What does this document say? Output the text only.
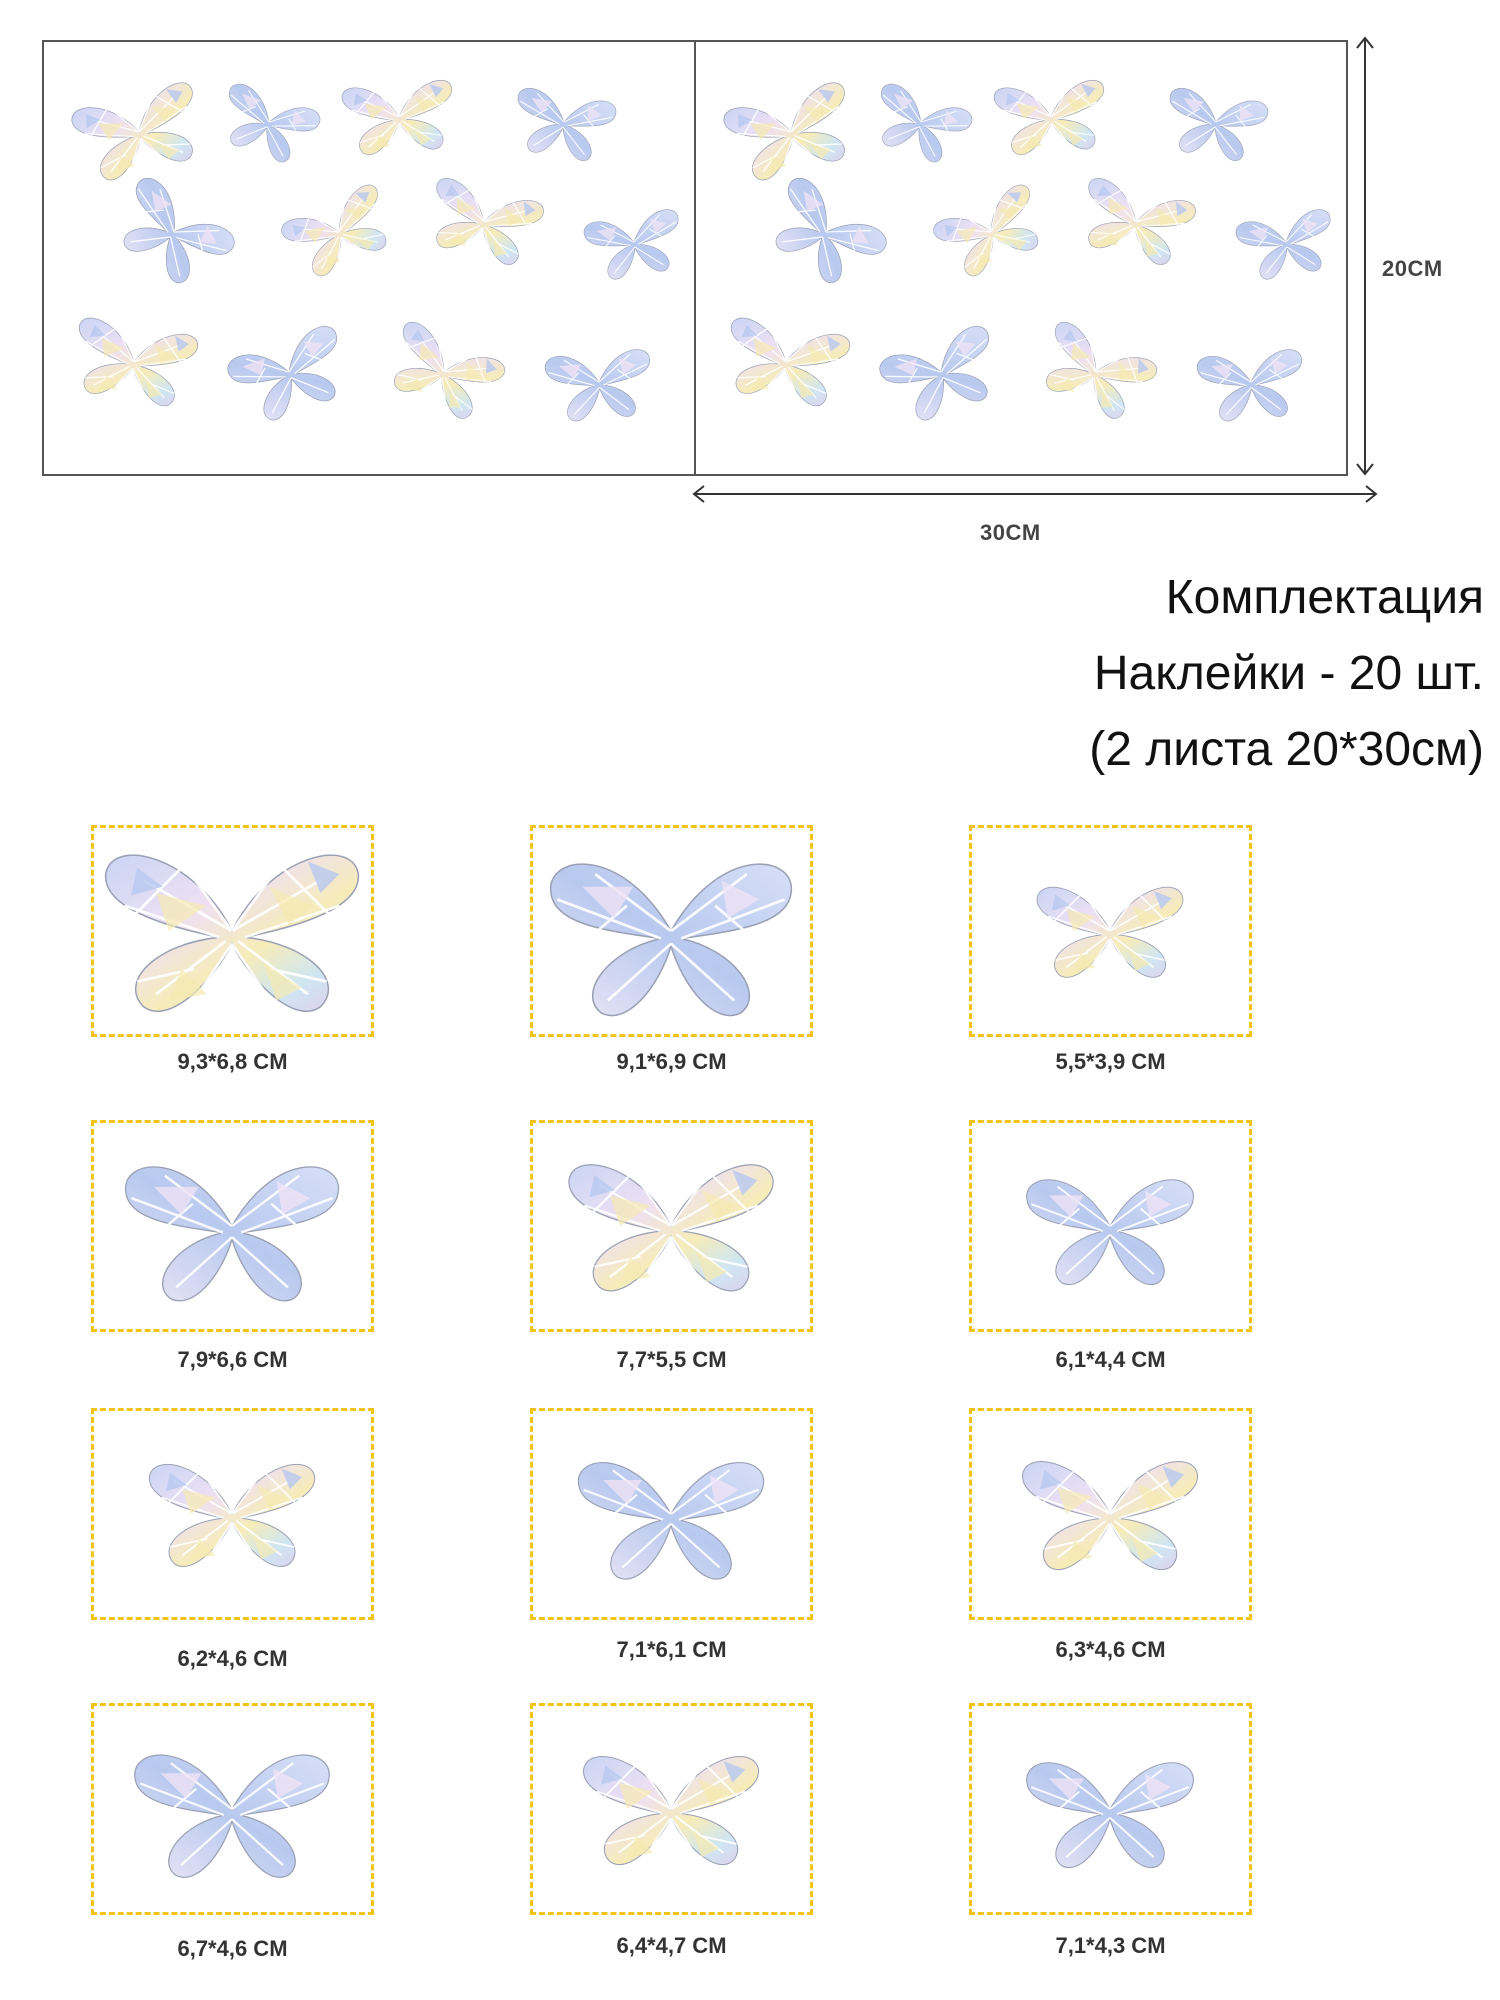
20CM
30CM
Комплектация
Наклейки - 20 шт.
(2 листа 20*30см)
9,3*6,8 CM	9,1*6,9 CM	5,5*3,9 CM
7,9*6,6 CM	7,7*5,5 CM	6,1*4,4 CM
6,2*4,6 CM	7,1*6,1 CM	6,3*4,6 CM
6,7*4,6 CM	6,4*4,7 CM	7,1*4,3 CM
